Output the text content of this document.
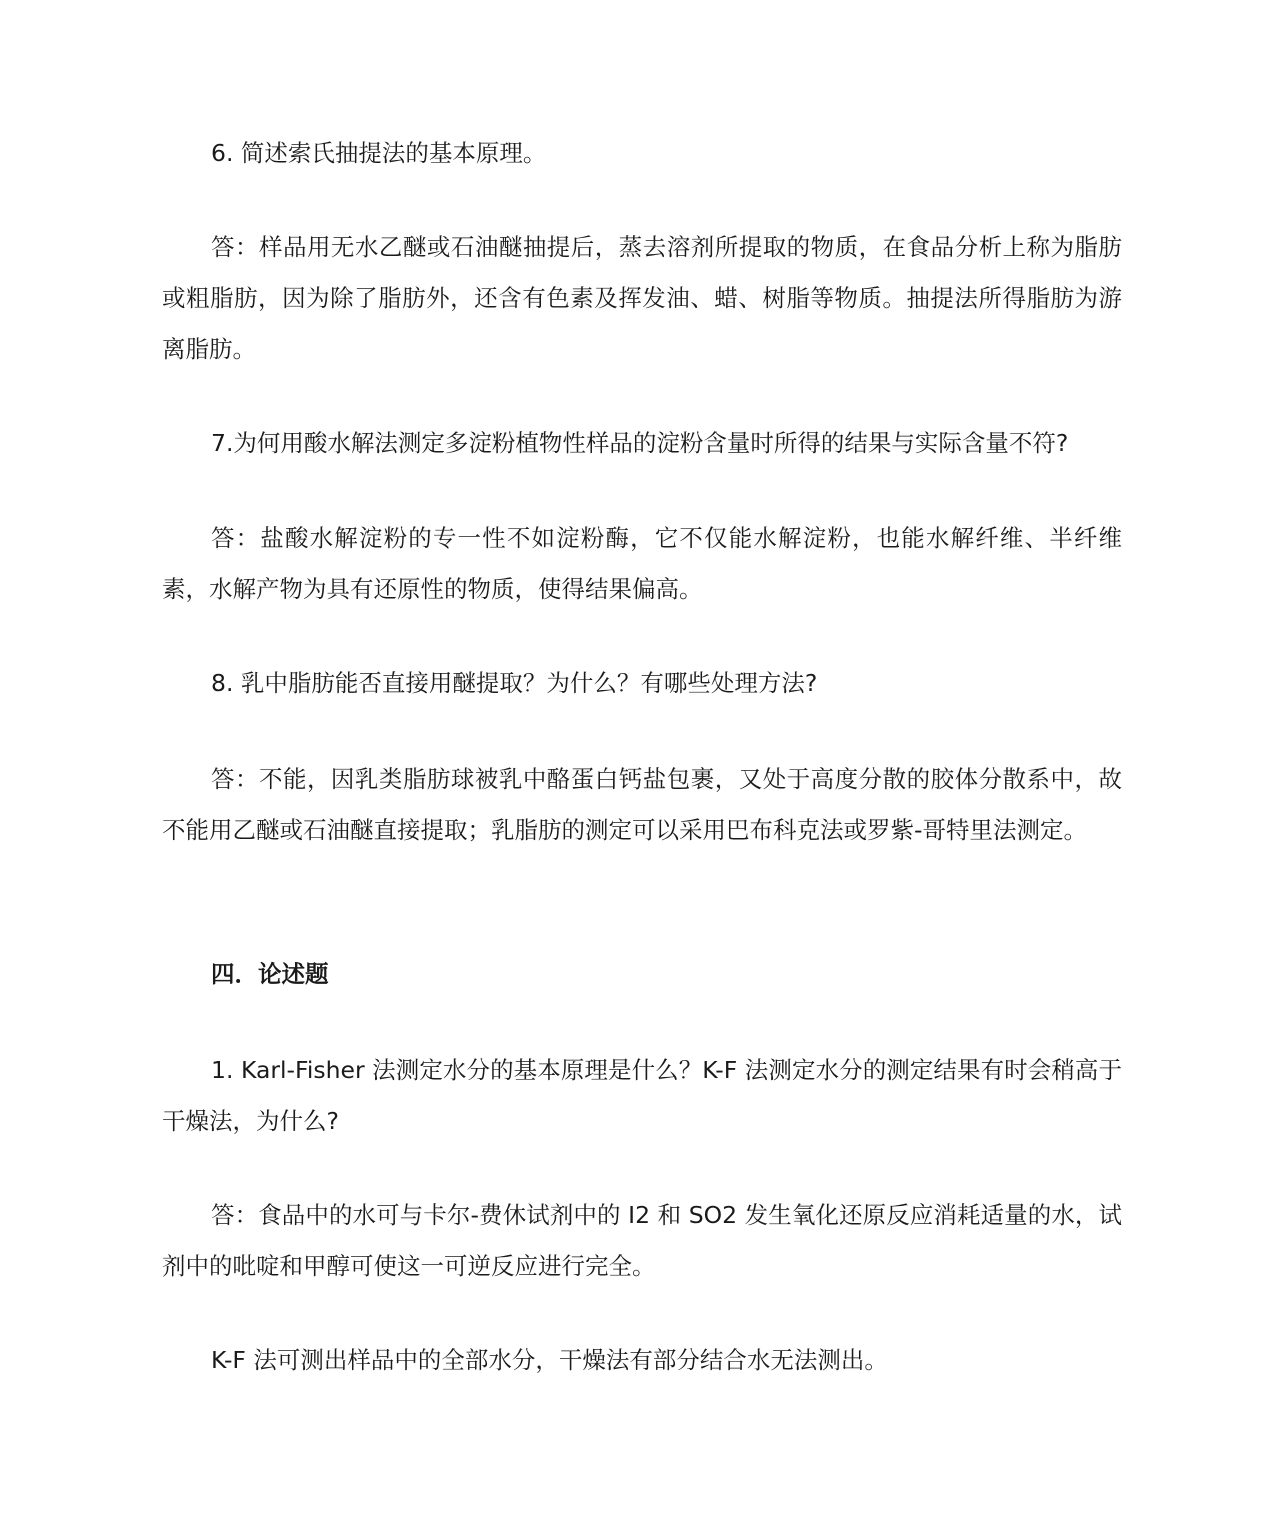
6. 简述索氏抽提法的基本原理。

答：样品用无水乙醚或石油醚抽提后，蒸去溶剂所提取的物质，在食品分析上称为脂肪或粗脂肪，因为除了脂肪外，还含有色素及挥发油、蜡、树脂等物质。抽提法所得脂肪为游离脂肪。

7.为何用酸水解法测定多淀粉植物性样品的淀粉含量时所得的结果与实际含量不符?

答：盐酸水解淀粉的专一性不如淀粉酶，它不仅能水解淀粉，也能水解纤维、半纤维素，水解产物为具有还原性的物质，使得结果偏高。

8. 乳中脂肪能否直接用醚提取？为什么？有哪些处理方法?

答：不能，因乳类脂肪球被乳中酪蛋白钙盐包裹，又处于高度分散的胶体分散系中，故不能用乙醚或石油醚直接提取；乳脂肪的测定可以采用巴布科克法或罗紫-哥特里法测定。

四．论述题

1. Karl-Fisher 法测定水分的基本原理是什么？K-F 法测定水分的测定结果有时会稍高于干燥法，为什么?

答：食品中的水可与卡尔-费休试剂中的 I2 和 SO2 发生氧化还原反应消耗适量的水，试剂中的吡啶和甲醇可使这一可逆反应进行完全。

K-F 法可测出样品中的全部水分，干燥法有部分结合水无法测出。
